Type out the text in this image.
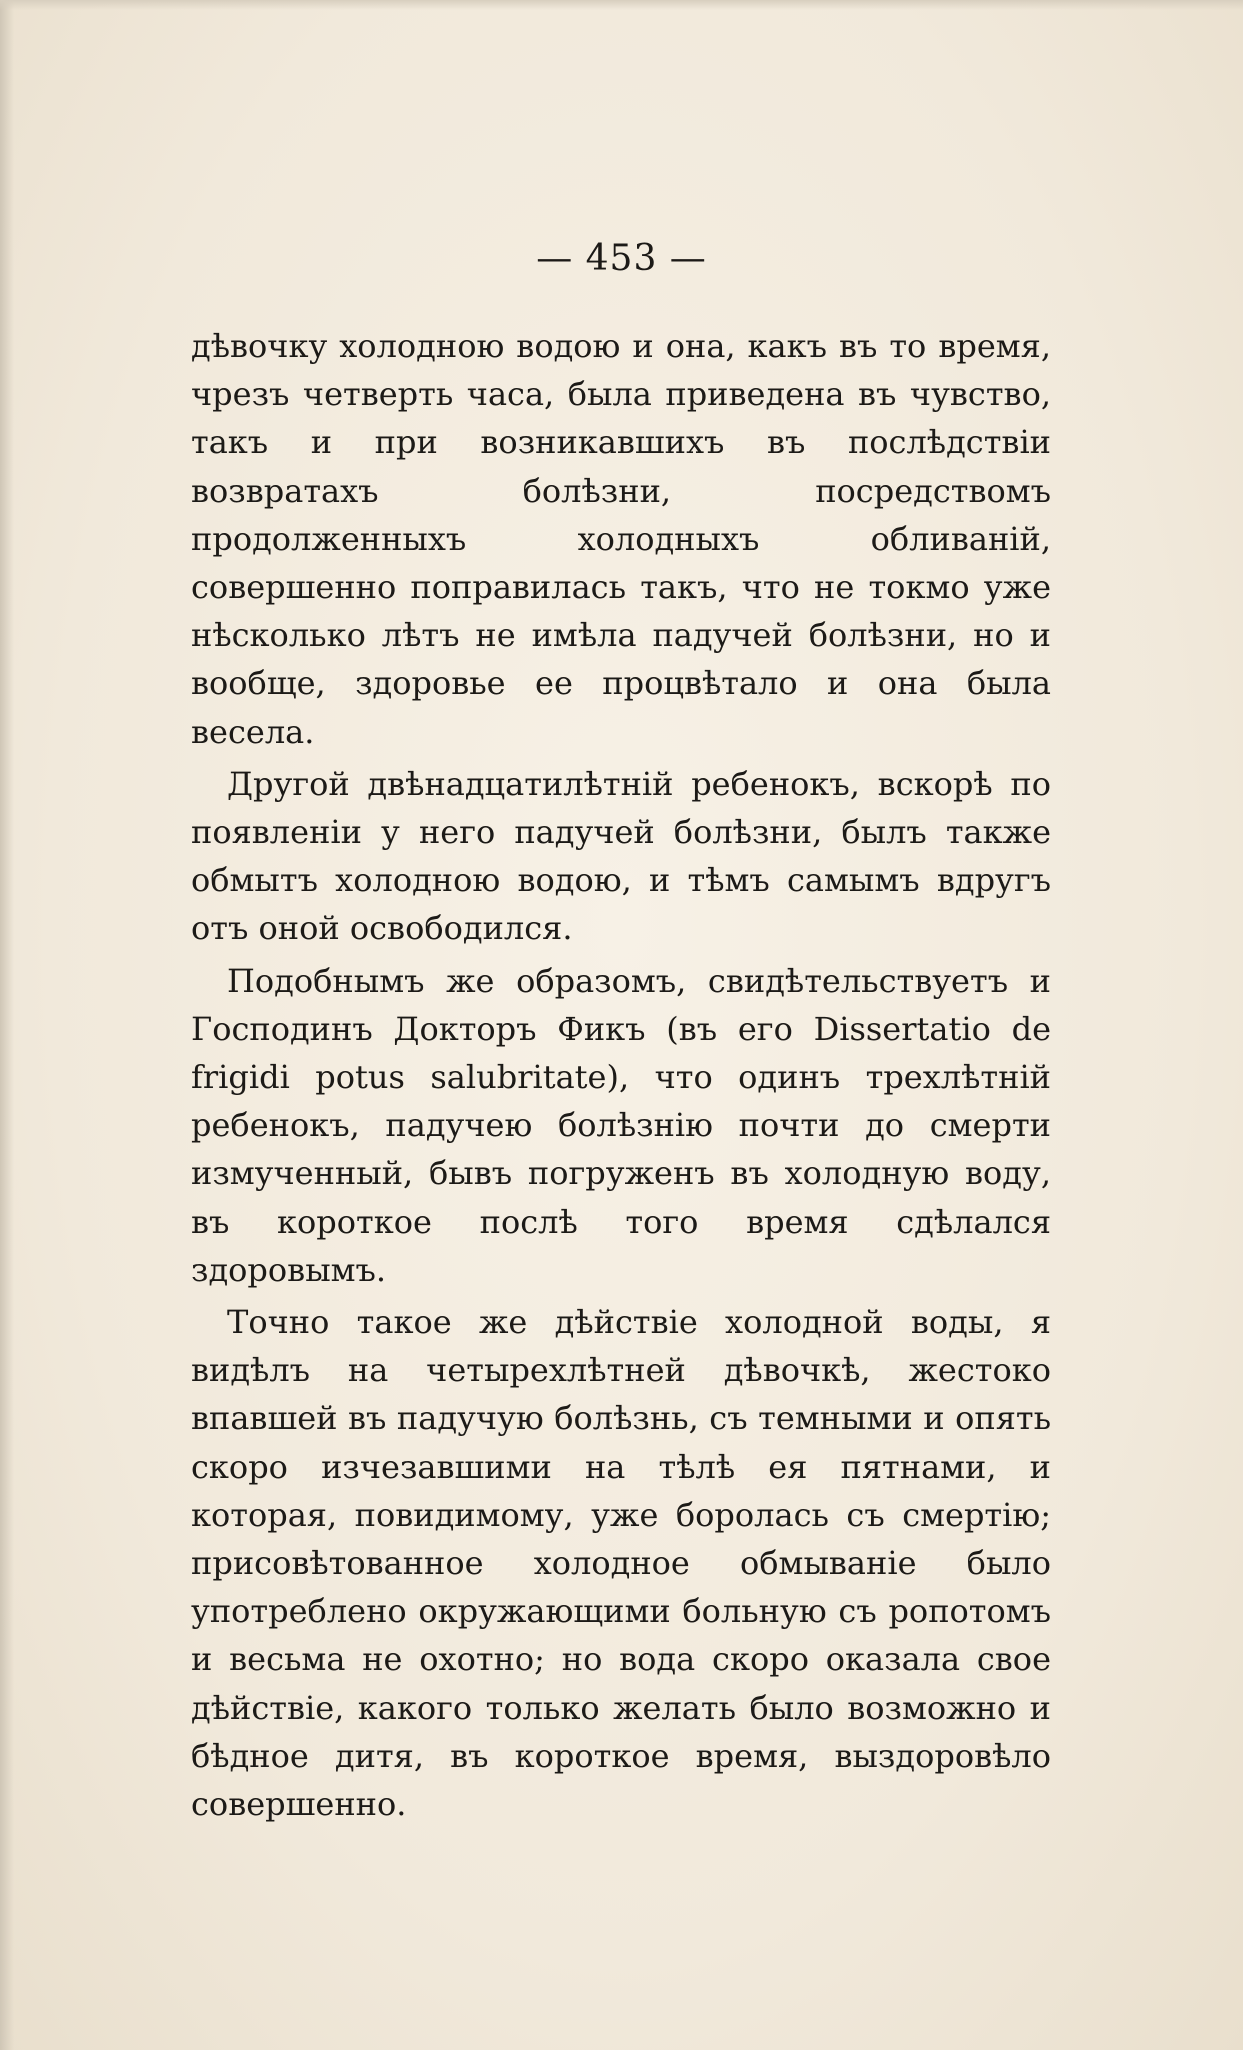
— 453 —

дѣвочку холодною водою и она, какъ въ то время, чрезъ четверть часа, была приведена въ чувство, такъ и при возникавшихъ въ послѣдствіи возвратахъ болѣзни, посредствомъ продолженныхъ холодныхъ обливаній, совершенно поправилась такъ, что не токмо уже нѣсколько лѣтъ не имѣла падучей болѣзни, но и вообще, здоровье ее процвѣтало и она была весела.

Другой двѣнадцатилѣтній ребенокъ, вскорѣ по появленіи у него падучей болѣзни, былъ также обмытъ холодною водою, и тѣмъ самымъ вдругъ отъ оной освободился.

Подобнымъ же образомъ, свидѣтельствуетъ и Господинъ Докторъ Фикъ (въ его Dissertatio de frigidi potus salubritate), что одинъ трехлѣтній ребенокъ, падучею болѣзнію почти до смерти измученный, бывъ погруженъ въ холодную воду, въ короткое послѣ того время сдѣлался здоровымъ.

Точно такое же дѣйствіе холодной воды, я видѣлъ на четырехлѣтней дѣвочкѣ, жестоко впавшей въ падучую болѣзнь, съ темными и опять скоро изчезавшими на тѣлѣ ея пятнами, и которая, повидимому, уже боролась съ смертію; присовѣтованное холодное обмываніе было употреблено окружающими больную съ ропотомъ и весьма не охотно; но вода скоро оказала свое дѣйствіе, какого только желать было возможно и бѣдное дитя, въ короткое время, выздоровѣло совершенно.
